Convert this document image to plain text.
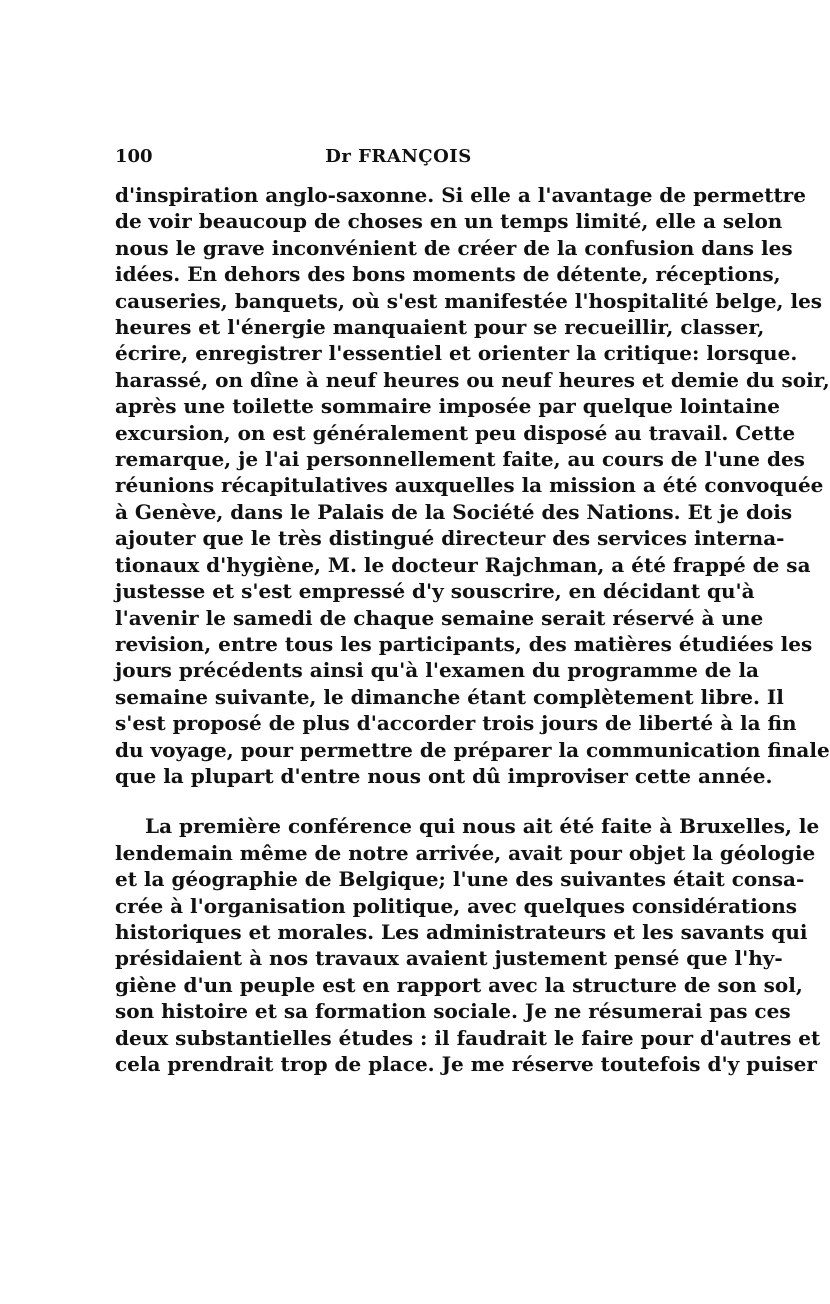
100	Dr FRANÇOIS
d'inspiration anglo-saxonne. Si elle a l'avantage de permettre
de voir beaucoup de choses en un temps limité, elle a selon
nous le grave inconvénient de créer de la confusion dans les
idées. En dehors des bons moments de détente, réceptions,
causeries, banquets, où s'est manifestée l'hospitalité belge, les
heures et l'énergie manquaient pour se recueillir, classer,
écrire, enregistrer l'essentiel et orienter la critique: lorsque.
harassé, on dîne à neuf heures ou neuf heures et demie du soir,
après une toilette sommaire imposée par quelque lointaine
excursion, on est généralement peu disposé au travail. Cette
remarque, je l'ai personnellement faite, au cours de l'une des
réunions récapitulatives auxquelles la mission a été convoquée
à Genève, dans le Palais de la Société des Nations. Et je dois
ajouter que le très distingué directeur des services interna-
tionaux d'hygiène, M. le docteur Rajchman, a été frappé de sa
justesse et s'est empressé d'y souscrire, en décidant qu'à
l'avenir le samedi de chaque semaine serait réservé à une
revision, entre tous les participants, des matières étudiées les
jours précédents ainsi qu'à l'examen du programme de la
semaine suivante, le dimanche étant complètement libre. Il
s'est proposé de plus d'accorder trois jours de liberté à la fin
du voyage, pour permettre de préparer la communication finale
que la plupart d'entre nous ont dû improviser cette année.
La première conférence qui nous ait été faite à Bruxelles, le
lendemain même de notre arrivée, avait pour objet la géologie
et la géographie de Belgique; l'une des suivantes était consa-
crée à l'organisation politique, avec quelques considérations
historiques et morales. Les administrateurs et les savants qui
présidaient à nos travaux avaient justement pensé que l'hy-
giène d'un peuple est en rapport avec la structure de son sol,
son histoire et sa formation sociale. Je ne résumerai pas ces
deux substantielles études : il faudrait le faire pour d'autres et
cela prendrait trop de place. Je me réserve toutefois d'y puiser
